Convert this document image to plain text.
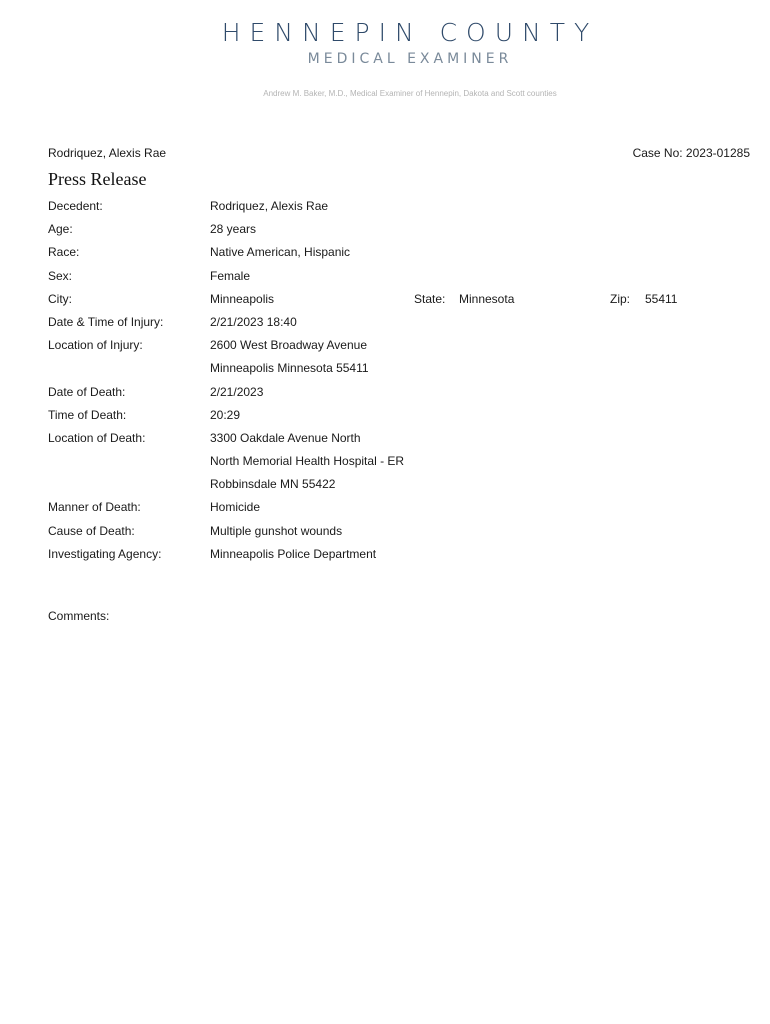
HENNEPIN COUNTY
MEDICAL EXAMINER
Andrew M. Baker, M.D., Medical Examiner of Hennepin, Dakota and Scott counties
Rodriquez, Alexis Rae	Case No: 2023-01285
Press Release
Decedent:	Rodriquez, Alexis Rae
Age:	28 years
Race:	Native American, Hispanic
Sex:	Female
City:	Minneapolis	State: Minnesota	Zip: 55411
Date & Time of Injury:	2/21/2023 18:40
Location of Injury:	2600 West Broadway Avenue
Minneapolis Minnesota 55411
Date of Death:	2/21/2023
Time of Death:	20:29
Location of Death:	3300 Oakdale Avenue North
North Memorial Health Hospital - ER
Robbinsdale MN 55422
Manner of Death:	Homicide
Cause of Death:	Multiple gunshot wounds
Investigating Agency:	Minneapolis Police Department
Comments:
